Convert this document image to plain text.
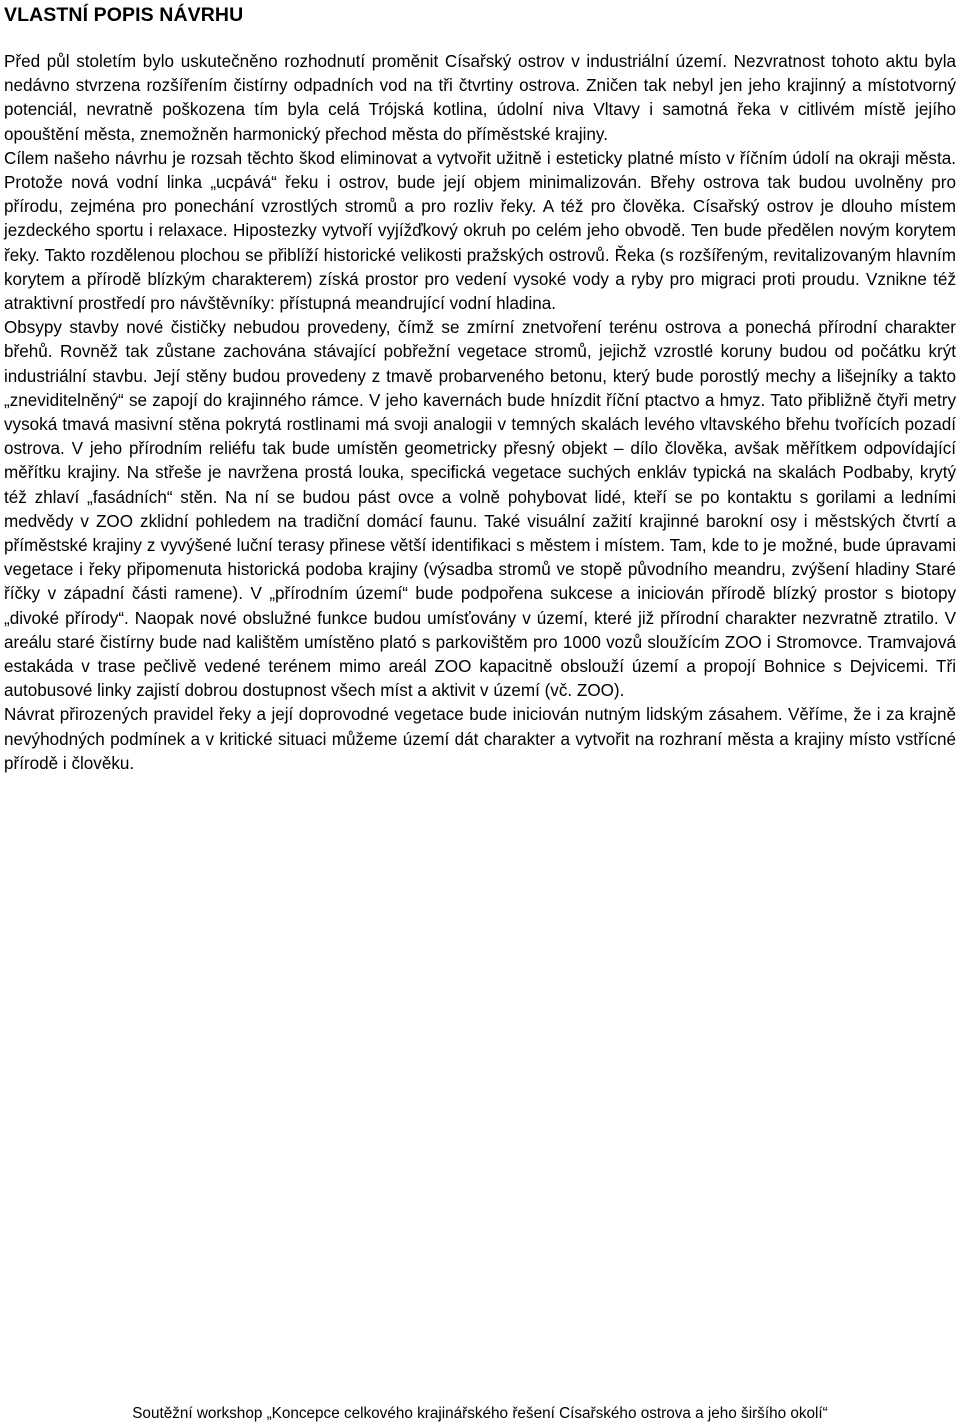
VLASTNÍ POPIS NÁVRHU

Před půl stoletím bylo uskutečněno rozhodnutí proměnit Císařský ostrov v industriální území. Nezvratnost tohoto aktu byla nedávno stvrzena rozšířením čistírny odpadních vod na tři čtvrtiny ostrova. Zničen tak nebyl jen jeho krajinný a místotvorný potenciál, nevratně poškozena tím byla celá Trójská kotlina, údolní niva Vltavy i samotná řeka v citlivém místě jejího opouštění města, znemožněn harmonický přechod města do příměstské krajiny.

Cílem našeho návrhu je rozsah těchto škod eliminovat a vytvořit užitně i esteticky platné místo v říčním údolí na okraji města. Protože nová vodní linka „ucpává“ řeku i ostrov, bude její objem minimalizován. Břehy ostrova tak budou uvolněny pro přírodu, zejména pro ponechání vzrostlých stromů a pro rozliv řeky. A též pro člověka. Císařský ostrov je dlouho místem jezdeckého sportu i relaxace. Hipostezky vytvoří vyjížďkový okruh po celém jeho obvodě. Ten bude předělen novým korytem řeky. Takto rozdělenou plochou se přiblíží historické velikosti pražských ostrovů. Řeka (s rozšířeným, revitalizovaným hlavním korytem a přírodě blízkým charakterem) získá prostor pro vedení vysoké vody a ryby pro migraci proti proudu. Vznikne též atraktivní prostředí pro návštěvníky: přístupná meandrující vodní hladina.

Obsypy stavby nové čističky nebudou provedeny, čímž se zmírní znetvoření terénu ostrova a ponechá přírodní charakter břehů. Rovněž tak zůstane zachována stávající pobřežní vegetace stromů, jejichž vzrostlé koruny budou od počátku krýt industriální stavbu. Její stěny budou provedeny z tmavě probarveného betonu, který bude porostlý mechy a lišejníky a takto „zneviditelněný“ se zapojí do krajinného rámce. V jeho kavernách bude hnízdit říční ptactvo a hmyz. Tato přibližně čtyři metry vysoká tmavá masivní stěna pokrytá rostlinami má svoji analogii v temných skalách levého vltavského břehu tvořících pozadí ostrova. V jeho přírodním reliéfu tak bude umístěn geometricky přesný objekt – dílo člověka, avšak měřítkem odpovídající měřítku krajiny. Na střeše je navržena prostá louka, specifická vegetace suchých enkláv typická na skalách Podbaby, krytý též zhlaví „fasádních“ stěn. Na ní se budou pást ovce a volně pohybovat lidé, kteří se po kontaktu s gorilami a ledními medvědy v ZOO zklidní pohledem na tradiční domácí faunu. Také visuální zažití krajinné barokní osy i městských čtvrtí a příměstské krajiny z vyvýšené luční terasy přinese větší identifikaci s městem i místem. Tam, kde to je možné, bude úpravami vegetace i řeky připomenuta historická podoba krajiny (výsadba stromů ve stopě původního meandru, zvýšení hladiny Staré říčky v západní části ramene). V „přírodním území“ bude podpořena sukcese a iniciován přírodě blízký prostor s biotopy „divoké přírody“. Naopak nové obslužné funkce budou umísťovány v území, které již přírodní charakter nezvratně ztratilo. V areálu staré čistírny bude nad kalištěm umístěno plató s parkovištěm pro 1000 vozů sloužícím ZOO i Stromovce. Tramvajová estakáda v trase pečlivě vedené terénem mimo areál ZOO kapacitně obslouží území a propojí Bohnice s Dejvicemi. Tři autobusové linky zajistí dobrou dostupnost všech míst a aktivit v území (vč. ZOO).

Návrat přirozených pravidel řeky a její doprovodné vegetace bude iniciován nutným lidským zásahem. Věříme, že i za krajně nevýhodných podmínek a v kritické situaci můžeme území dát charakter a vytvořit na rozhraní města a krajiny místo vstřícné přírodě i člověku.

Soutěžní workshop „Koncepce celkového krajinářského řešení Císařského ostrova a jeho širšího okolí“
